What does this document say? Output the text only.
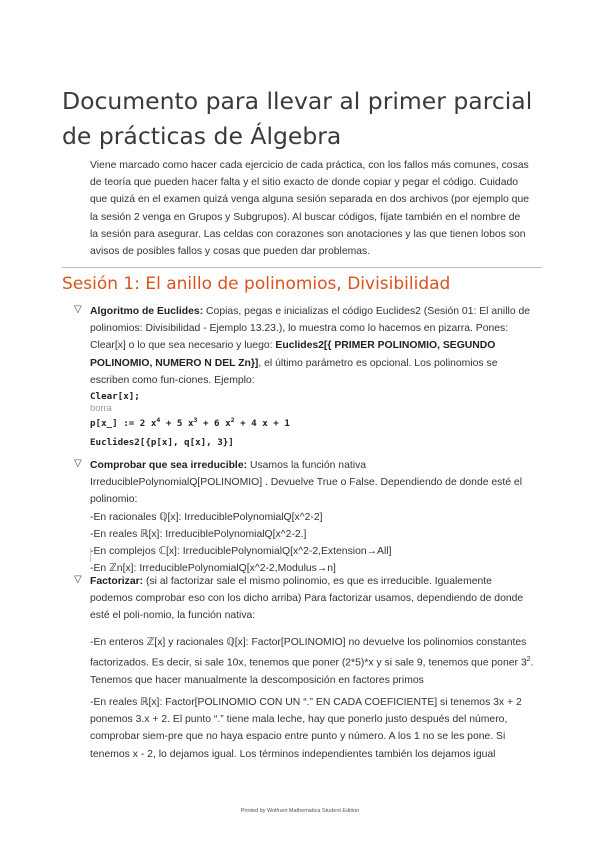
Documento para llevar al primer parcial de prácticas de Álgebra
Viene marcado como hacer cada ejercicio de cada práctica, con los fallos más comunes, cosas de teoría que pueden hacer falta y el sitio exacto de donde copiar y pegar el código. Cuidado que quizá en el examen quizá venga alguna sesión separada en dos archivos (por ejemplo que la sesión 2 venga en Grupos y Subgrupos). Al buscar códigos, fíjate también en el nombre de la sesión para asegurar. Las celdas con corazones son anotaciones y las que tienen lobos son avisos de posibles fallos y cosas que pueden dar problemas.
Sesión 1: El anillo de polinomios, Divisibilidad
▽ Algoritmo de Euclides: Copias, pegas e inicializas el código Euclides2 (Sesión 01: El anillo de polinomios: Divisibilidad - Ejemplo 13.23.), lo muestra como lo hacemos en pizarra. Pones: Clear[x] o lo que sea necesario y luego: Euclides2[{ PRIMER POLINOMIO, SEGUNDO POLINOMIO, NUMERO N DEL Zn}], el último parámetro es opcional. Los polinomios se escriben como fun-ciones. Ejemplo:
Clear[x];
borra
p[x_] := 2 $x^4 + 5$ $x^3 + 6$ $x^2 + 4$ x + 1
Euclides2[{p[x], q[x], 3}]
▽ Comprobar que sea irreducible: Usamos la función nativa IrreduciblePolynomialQ[POLINOMIO] . Devuelve True o False. Dependiendo de donde esté el polinomio:
-En racionales ℚ[x]: IrreduciblePolynomialQ[x^2-2]
-En reales ℝ[x]: IrreduciblePolynomialQ[x^2-2.]
-En complejos ℂ[x]: IrreduciblePolynomialQ[x^2-2,Extension→All]
-En ℤn[x]: IrreduciblePolynomialQ[x^2-2,Modulus→n]
▽ Factorizar: (si al factorizar sale el mismo polinomio, es que es irreducible. Igualemente podemos comprobar eso con los dicho arriba) Para factorizar usamos, dependiendo de donde esté el poli-nomio, la función nativa:
-En enteros ℤ[x] y racionales ℚ[x]: Factor[POLINOMIO] no devuelve los polinomios constantes factorizados. Es decir, si sale 10x, tenemos que poner (2*5)*x y si sale 9, tenemos que poner $3^2$. Tenemos que hacer manualmente la descomposición en factores primos
-En reales ℝ[x]: Factor[POLINOMIO CON UN “.” EN CADA COEFICIENTE] si tenemos 3x + 2 ponemos 3.x + 2. El punto “.” tiene mala leche, hay que ponerlo justo después del número, comprobar siem-pre que no haya espacio entre punto y número. A los 1 no se les pone. Si tenemos x - 2, lo dejamos igual. Los términos independientes también los dejamos igual
Printed by Wolfram Mathematica Student Edition
